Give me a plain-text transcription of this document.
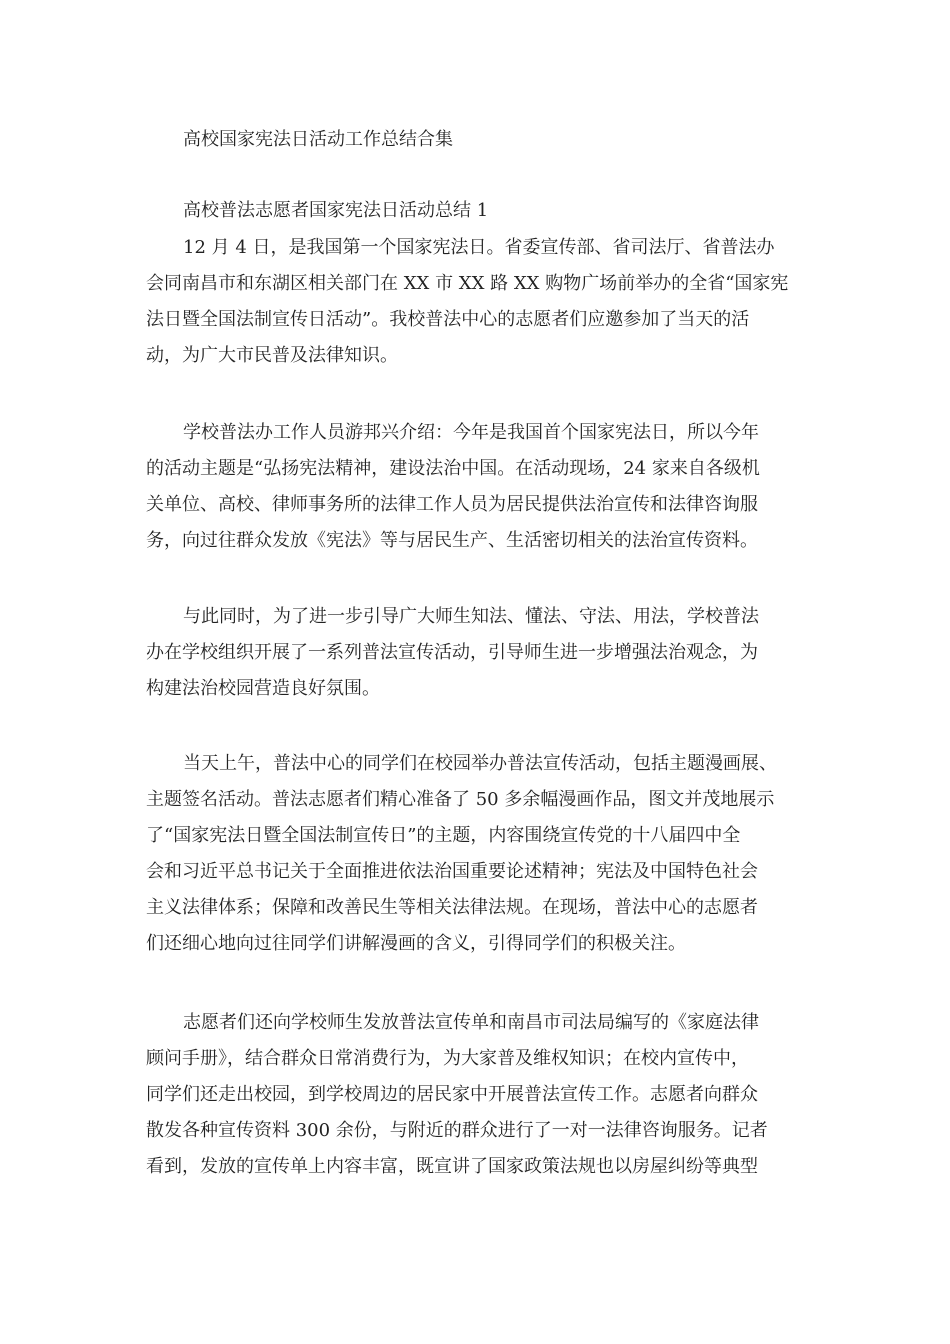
高校国家宪法日活动工作总结合集
高校普法志愿者国家宪法日活动总结 1
12 月 4 日，是我国第一个国家宪法日。省委宣传部、省司法厅、省普法办
会同南昌市和东湖区相关部门在 XX 市 XX 路 XX 购物广场前举办的全省“国家宪
法日暨全国法制宣传日活动”。我校普法中心的志愿者们应邀参加了当天的活
动，为广大市民普及法律知识。
学校普法办工作人员游邦兴介绍：今年是我国首个国家宪法日，所以今年
的活动主题是“弘扬宪法精神，建设法治中国。在活动现场，24 家来自各级机
关单位、高校、律师事务所的法律工作人员为居民提供法治宣传和法律咨询服
务，向过往群众发放《宪法》等与居民生产、生活密切相关的法治宣传资料。
与此同时，为了进一步引导广大师生知法、懂法、守法、用法，学校普法
办在学校组织开展了一系列普法宣传活动，引导师生进一步增强法治观念，为
构建法治校园营造良好氛围。
当天上午，普法中心的同学们在校园举办普法宣传活动，包括主题漫画展、
主题签名活动。普法志愿者们精心准备了 50 多余幅漫画作品，图文并茂地展示
了“国家宪法日暨全国法制宣传日”的主题，内容围绕宣传党的十八届四中全
会和习近平总书记关于全面推进依法治国重要论述精神；宪法及中国特色社会
主义法律体系；保障和改善民生等相关法律法规。在现场，普法中心的志愿者
们还细心地向过往同学们讲解漫画的含义，引得同学们的积极关注。
志愿者们还向学校师生发放普法宣传单和南昌市司法局编写的《家庭法律
顾问手册》，结合群众日常消费行为，为大家普及维权知识；在校内宣传中，
同学们还走出校园，到学校周边的居民家中开展普法宣传工作。志愿者向群众
散发各种宣传资料 300 余份，与附近的群众进行了一对一法律咨询服务。记者
看到，发放的宣传单上内容丰富，既宣讲了国家政策法规也以房屋纠纷等典型
